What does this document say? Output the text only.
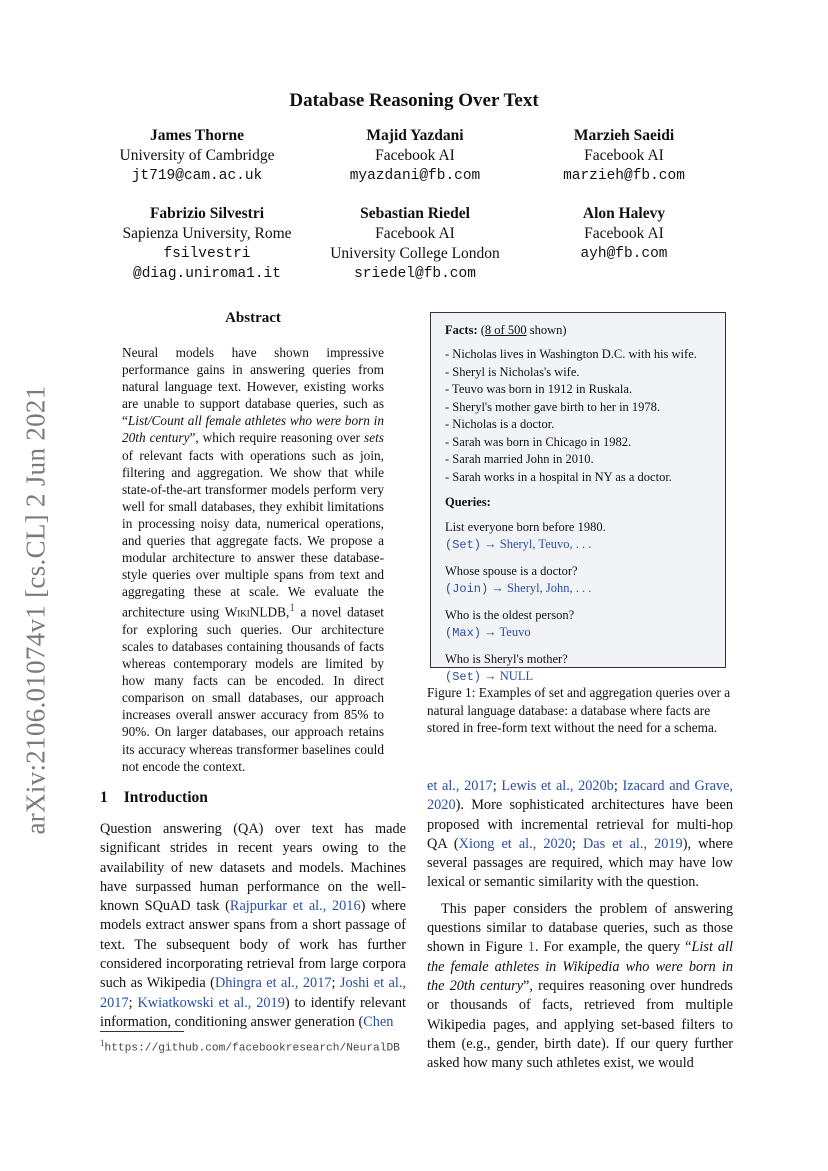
Database Reasoning Over Text
James Thorne
University of Cambridge
jt719@cam.ac.uk
Majid Yazdani
Facebook AI
myazdani@fb.com
Marzieh Saeidi
Facebook AI
marzieh@fb.com
Fabrizio Silvestri
Sapienza University, Rome
fsilvestri
@diag.uniroma1.it
Sebastian Riedel
Facebook AI
University College London
sriedel@fb.com
Alon Halevy
Facebook AI
ayh@fb.com
arXiv:2106.01074v1 [cs.CL] 2 Jun 2021
Abstract
Neural models have shown impressive performance gains in answering queries from natural language text. However, existing works are unable to support database queries, such as “List/Count all female athletes who were born in 20th century”, which require reasoning over sets of relevant facts with operations such as join, filtering and aggregation. We show that while state-of-the-art transformer models perform very well for small databases, they exhibit limitations in processing noisy data, numerical operations, and queries that aggregate facts. We propose a modular architecture to answer these database-style queries over multiple spans from text and aggregating these at scale. We evaluate the architecture using WikiNLDB,$^1$ a novel dataset for exploring such queries. Our architecture scales to databases containing thousands of facts whereas contemporary models are limited by how many facts can be encoded. In direct comparison on small databases, our approach increases overall answer accuracy from 85% to 90%. On larger databases, our approach retains its accuracy whereas transformer baselines could not encode the context.
1 Introduction
Question answering (QA) over text has made significant strides in recent years owing to the availability of new datasets and models. Machines have surpassed human performance on the well-known SQuAD task (Rajpurkar et al., 2016) where models extract answer spans from a short passage of text. The subsequent body of work has further considered incorporating retrieval from large corpora such as Wikipedia (Dhingra et al., 2017; Joshi et al., 2017; Kwiatkowski et al., 2019) to identify relevant information, conditioning answer generation (Chen
$^1$https://github.com/facebookresearch/NeuralDB
Facts: (8 of 500 shown)
- Nicholas lives in Washington D.C. with his wife.
- Sheryl is Nicholas's wife.
- Teuvo was born in 1912 in Ruskala.
- Sheryl's mother gave birth to her in 1978.
- Nicholas is a doctor.
- Sarah was born in Chicago in 1982.
- Sarah married John in 2010.
- Sarah works in a hospital in NY as a doctor.
Queries:
List everyone born before 1980.
(Set) → Sheryl, Teuvo, . . .
Whose spouse is a doctor?
(Join) → Sheryl, John, . . .
Who is the oldest person?
(Max) → Teuvo
Who is Sheryl's mother?
(Set) → NULL
Figure 1: Examples of set and aggregation queries over a natural language database: a database where facts are stored in free-form text without the need for a schema.

et al., 2017; Lewis et al., 2020b; Izacard and Grave, 2020). More sophisticated architectures have been proposed with incremental retrieval for multi-hop QA (Xiong et al., 2020; Das et al., 2019), where several passages are required, which may have low lexical or semantic similarity with the question.

This paper considers the problem of answering questions similar to database queries, such as those shown in Figure 1. For example, the query “List all the female athletes in Wikipedia who were born in the 20th century”, requires reasoning over hundreds or thousands of facts, retrieved from multiple Wikipedia pages, and applying set-based filters to them (e.g., gender, birth date). If our query further asked how many such athletes exist, we would
